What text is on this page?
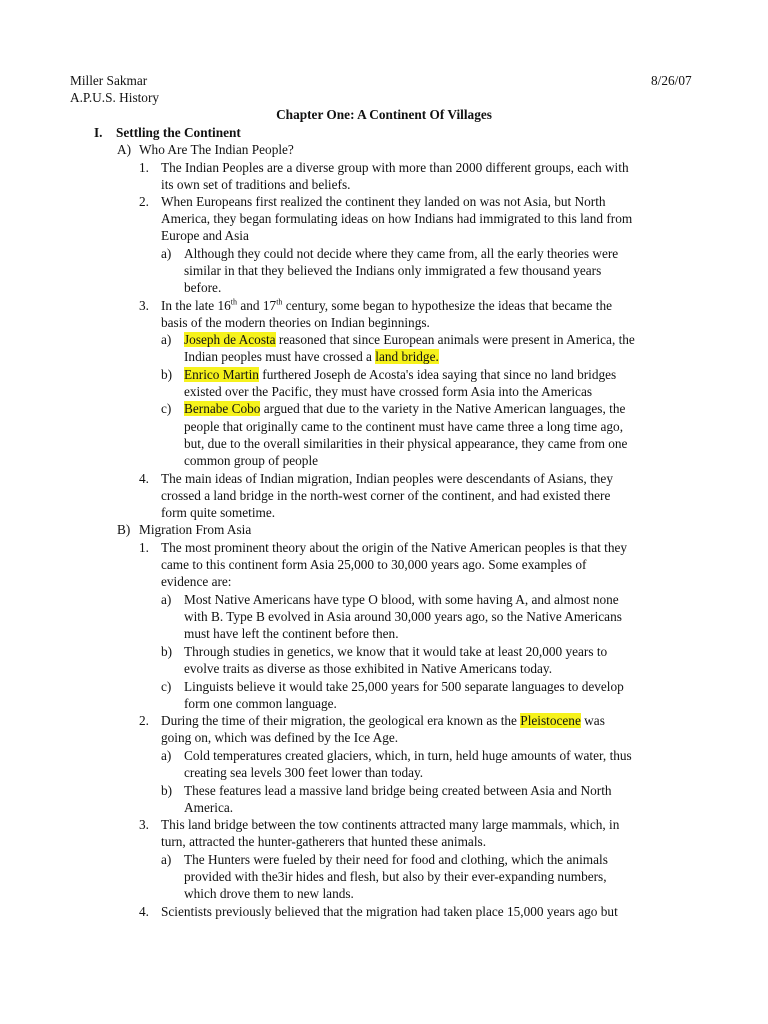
Miller Sakmar
A.P.U.S. History
8/26/07
Chapter One: A Continent Of Villages
I. Settling the Continent
A) Who Are The Indian People?
1. The Indian Peoples are a diverse group with more than 2000 different groups, each with
its own set of traditions and beliefs.
2. When Europeans first realized the continent they landed on was not Asia, but North
America, they began formulating ideas on how Indians had immigrated to this land from
Europe and Asia
a) Although they could not decide where they came from, all the early theories were
similar in that they believed the Indians only immigrated a few thousand years
before.
3. In the late 16th and 17th century, some began to hypothesize the ideas that became the
basis of the modern theories on Indian beginnings.
a) Joseph de Acosta reasoned that since European animals were present in America, the
Indian peoples must have crossed a land bridge.
b) Enrico Martin furthered Joseph de Acosta's idea saying that since no land bridges
existed over the Pacific, they must have crossed form Asia into the Americas
c) Bernabe Cobo argued that due to the variety in the Native American languages, the
people that originally came to the continent must have came three a long time ago,
but, due to the overall similarities in their physical appearance, they came from one
common group of people
4. The main ideas of Indian migration, Indian peoples were descendants of Asians, they
crossed a land bridge in the north-west corner of the continent, and had existed there
form quite sometime.
B) Migration From Asia
1. The most prominent theory about the origin of the Native American peoples is that they
came to this continent form Asia 25,000 to 30,000 years ago. Some examples of
evidence are:
a) Most Native Americans have type O blood, with some having A, and almost none
with B. Type B evolved in Asia around 30,000 years ago, so the Native Americans
must have left the continent before then.
b) Through studies in genetics, we know that it would take at least 20,000 years to
evolve traits as diverse as those exhibited in Native Americans today.
c) Linguists believe it would take 25,000 years for 500 separate languages to develop
form one common language.
2. During the time of their migration, the geological era known as the Pleistocene was
going on, which was defined by the Ice Age.
a) Cold temperatures created glaciers, which, in turn, held huge amounts of water, thus
creating sea levels 300 feet lower than today.
b) These features lead a massive land bridge being created between Asia and North
America.
3. This land bridge between the tow continents attracted many large mammals, which, in
turn, attracted the hunter-gatherers that hunted these animals.
a) The Hunters were fueled by their need for food and clothing, which the animals
provided with the3ir hides and flesh, but also by their ever-expanding numbers,
which drove them to new lands.
4. Scientists previously believed that the migration had taken place 15,000 years ago but
